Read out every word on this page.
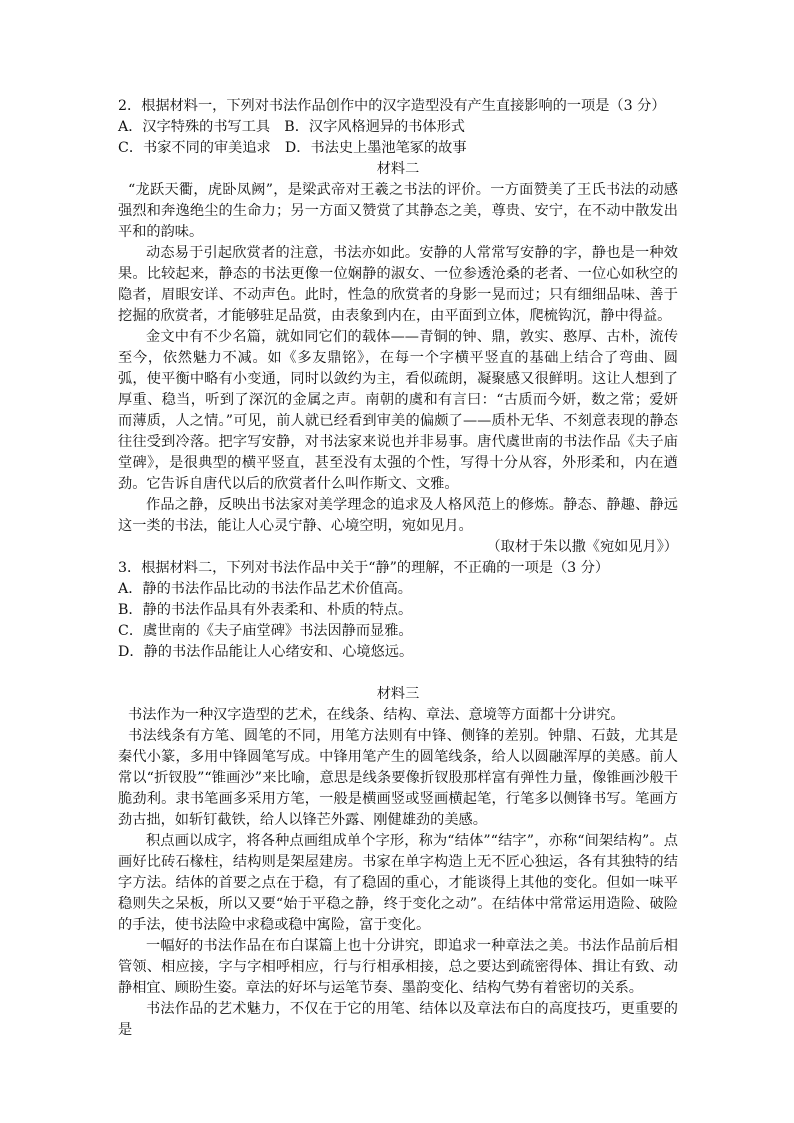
2．根据材料一，下列对书法作品创作中的汉字造型没有产生直接影响的一项是（3 分）

A．汉字特殊的书写工具　B．汉字风格迥异的书体形式

C．书家不同的审美追求　D．书法史上墨池笔冢的故事

材料二

“龙跃天衢，虎卧凤阙”，是梁武帝对王羲之书法的评价。一方面赞美了王氏书法的动感强烈和奔逸绝尘的生命力；另一方面又赞赏了其静态之美，尊贵、安宁，在不动中散发出平和的韵味。

动态易于引起欣赏者的注意，书法亦如此。安静的人常常写安静的字，静也是一种效果。比较起来，静态的书法更像一位娴静的淑女、一位参透沧桑的老者、一位心如秋空的隐者，眉眼安详、不动声色。此时，性急的欣赏者的身影一晃而过；只有细细品味、善于挖掘的欣赏者，才能够驻足品赏，由表象到内在，由平面到立体，爬梳钩沉，静中得益。

金文中有不少名篇，就如同它们的载体——青铜的钟、鼎，敦实、憨厚、古朴，流传至今，依然魅力不减。如《多友鼎铭》，在每一个字横平竖直的基础上结合了弯曲、圆弧，使平衡中略有小变通，同时以敛约为主，看似疏朗，凝聚感又很鲜明。这让人想到了厚重、稳当，听到了深沉的金属之声。南朝的虞和有言曰：“古质而今妍，数之常；爱妍而薄质，人之情。”可见，前人就已经看到审美的偏颇了——质朴无华、不刻意表现的静态往往受到冷落。把字写安静，对书法家来说也并非易事。唐代虞世南的书法作品《夫子庙堂碑》，是很典型的横平竖直，甚至没有太强的个性，写得十分从容，外形柔和，内在遒劲。它告诉自唐代以后的欣赏者什么叫作斯文、文雅。

作品之静，反映出书法家对美学理念的追求及人格风范上的修炼。静态、静趣、静远这一类的书法，能让人心灵宁静、心境空明，宛如见月。

（取材于朱以撒《宛如见月》）

3．根据材料二，下列对书法作品中关于“静”的理解，不正确的一项是（3 分）

A．静的书法作品比动的书法作品艺术价值高。

B．静的书法作品具有外表柔和、朴质的特点。

C．虞世南的《夫子庙堂碑》书法因静而显雅。

D．静的书法作品能让人心绪安和、心境悠远。

材料三

书法作为一种汉字造型的艺术，在线条、结构、章法、意境等方面都十分讲究。

书法线条有方笔、圆笔的不同，用笔方法则有中锋、侧锋的差别。钟鼎、石鼓，尤其是秦代小篆，多用中锋圆笔写成。中锋用笔产生的圆笔线条，给人以圆融浑厚的美感。前人常以“折钗股”“锥画沙”来比喻，意思是线条要像折钗股那样富有弹性力量，像锥画沙般干脆劲利。隶书笔画多采用方笔，一般是横画竖或竖画横起笔，行笔多以侧锋书写。笔画方劲古拙，如斩钉截铁，给人以锋芒外露、刚健雄劲的美感。

积点画以成字，将各种点画组成单个字形，称为“结体”“结字”，亦称“间架结构”。点画好比砖石椽柱，结构则是架屋建房。书家在单字构造上无不匠心独运，各有其独特的结字方法。结体的首要之点在于稳，有了稳固的重心，才能谈得上其他的变化。但如一味平稳则失之呆板，所以又要“始于平稳之静，终于变化之动”。在结体中常常运用造险、破险的手法，使书法险中求稳或稳中寓险，富于变化。

一幅好的书法作品在布白谋篇上也十分讲究，即追求一种章法之美。书法作品前后相管领、相应接，字与字相呼相应，行与行相承相接，总之要达到疏密得体、揖让有致、动静相宜、顾盼生姿。章法的好坏与运笔节奏、墨韵变化、结构气势有着密切的关系。

书法作品的艺术魅力，不仅在于它的用笔、结体以及章法布白的高度技巧，更重要的是
